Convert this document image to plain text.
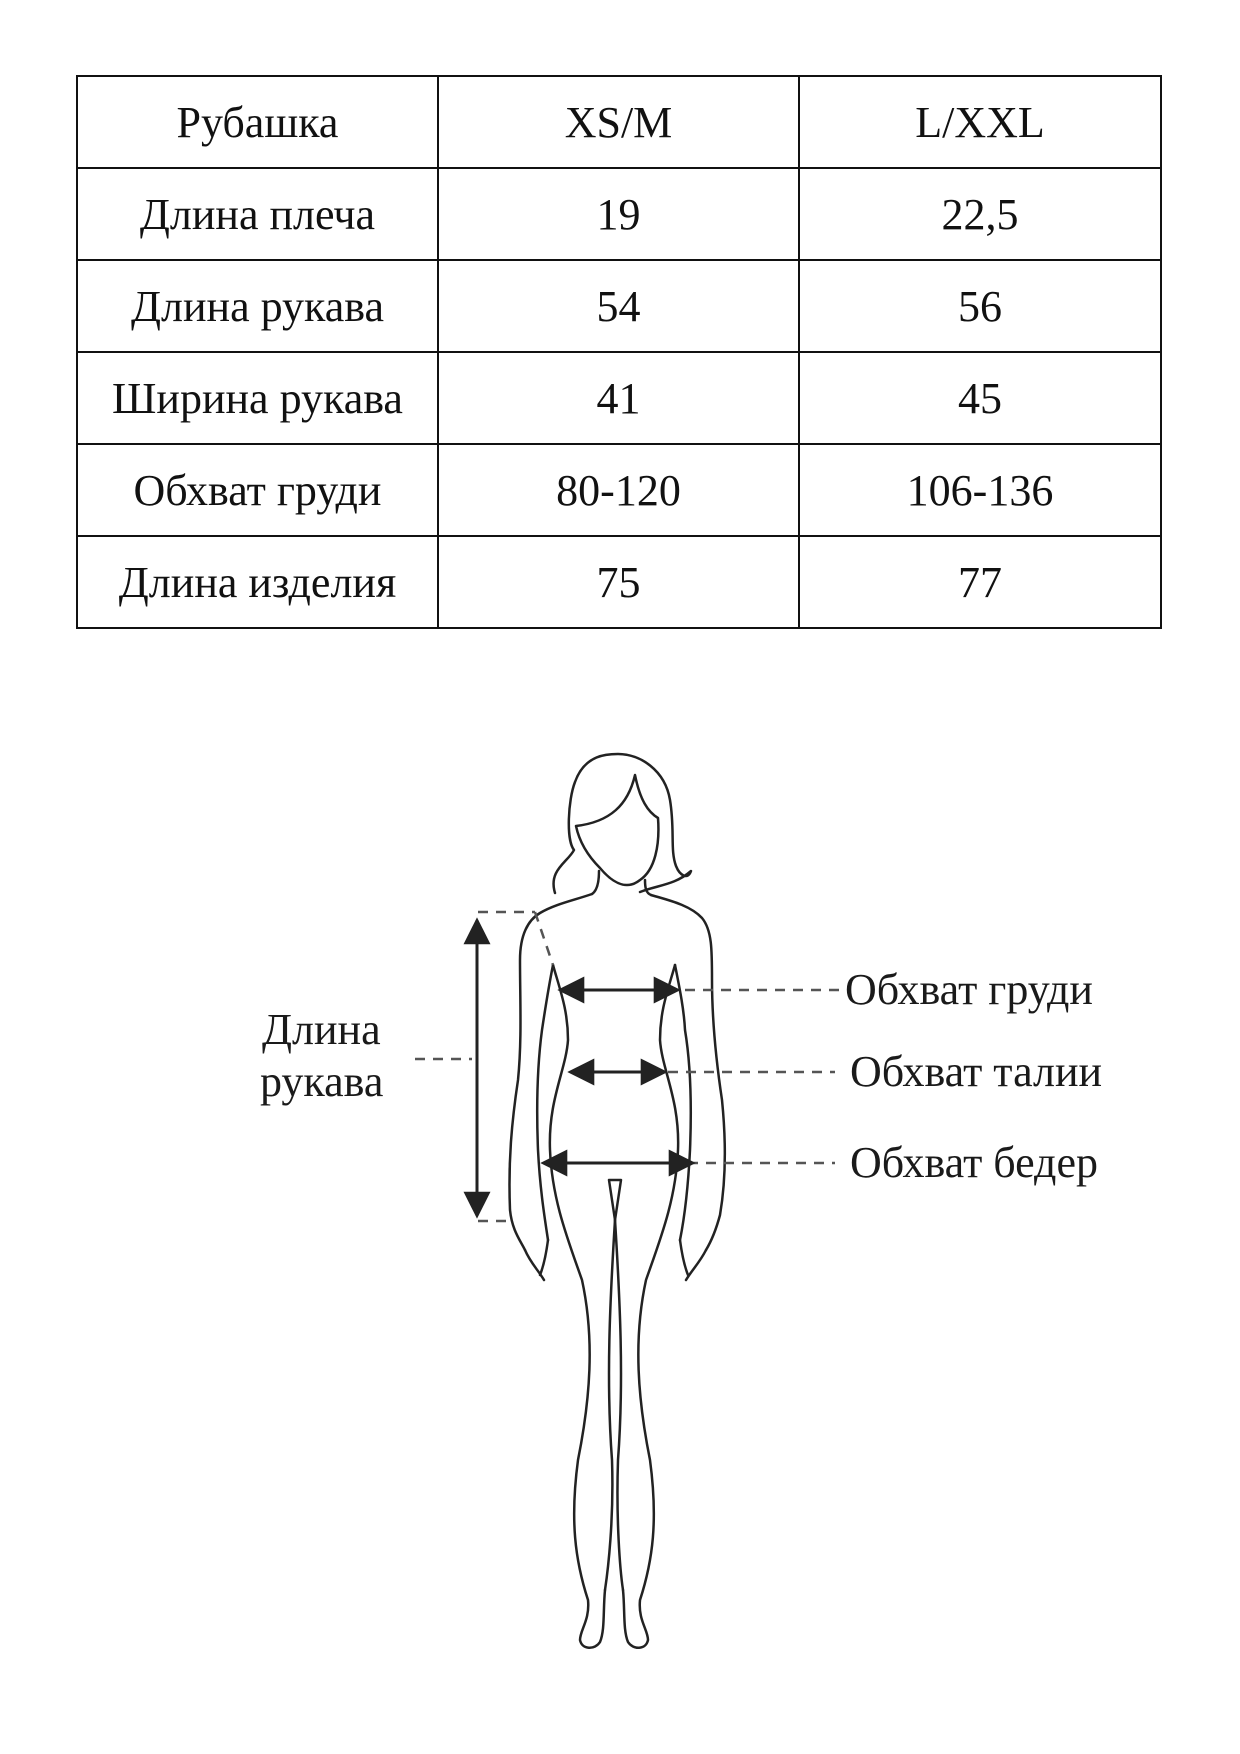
Рубашка	XS/M	L/XXL
Длина плеча	19	22,5
Длина рукава	54	56
Ширина рукава	41	45
Обхват груди	80-120	106-136
Длина изделия	75	77
Длина
рукава
Обхват груди
Обхват талии
Обхват бедер
